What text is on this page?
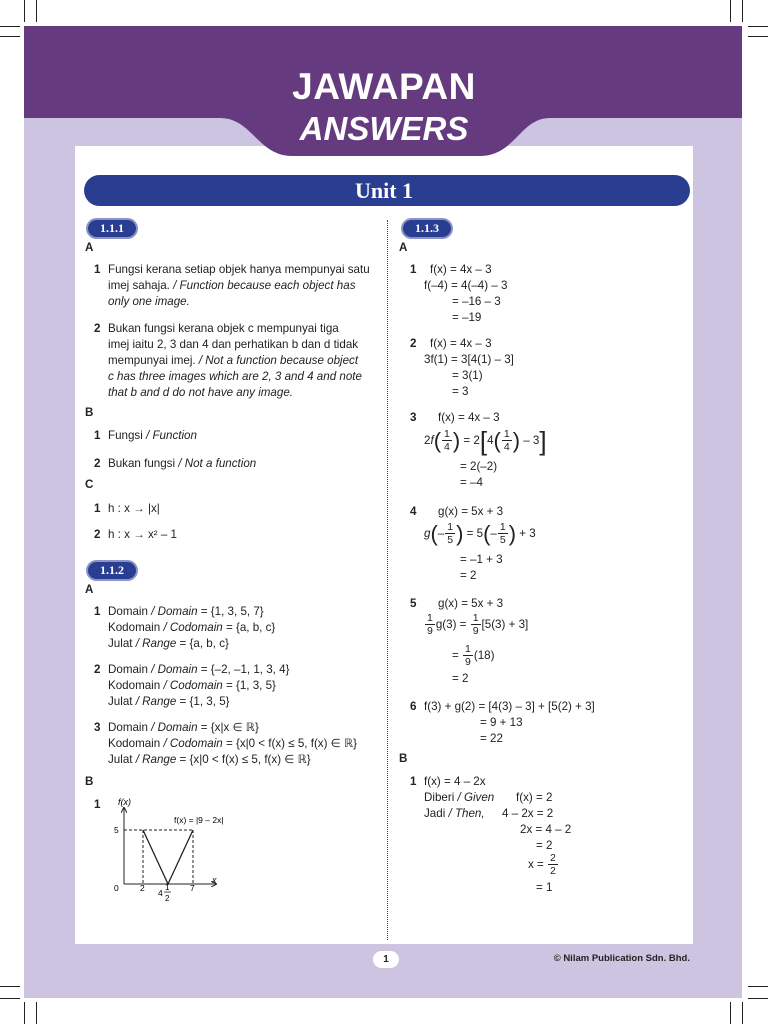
JAWAPAN
ANSWERS
Unit 1
1.1.1
A
1 Fungsi kerana setiap objek hanya mempunyai satu
imej sahaja. / Function because each object has
only one image.
2 Bukan fungsi kerana objek c mempunyai tiga
imej iaitu 2, 3 dan 4 dan perhatikan b dan d tidak
mempunyai imej. / Not a function because object
c has three images which are 2, 3 and 4 and note
that b and d do not have any image.
B
1 Fungsi / Function
2 Bukan fungsi / Not a function
C
1 h : x → |x|
2 h : x → x² – 1
1.1.2
A
1 Domain / Domain = {1, 3, 5, 7}
Kodomain / Codomain = {a, b, c}
Julat / Range = {a, b, c}
2 Domain / Domain = {–2, –1, 1, 3, 4}
Kodomain / Codomain = {1, 3, 5}
Julat / Range = {1, 3, 5}
3 Domain / Domain = {x|x ∈ ℝ}
Kodomain / Codomain = {x|0 < f(x) ≤ 5, f(x) ∈ ℝ}
Julat / Range = {x|0 < f(x) ≤ 5, f(x) ∈ ℝ}
B
1 f(x)
x
f(x) = |9 – 2x|
5
0	2	7
4
1
2
1.1.3
A
1 f(x) = 4x – 3
f(–4) = 4(–4) – 3
= –16 – 3
= –19
2 f(x) = 4x – 3
3f(1) = 3[4(1) – 3]
= 3(1)
= 3
3 f(x) = 4x – 3
$2f( \frac{1}{4}$ ) = $2[4( \frac{1}{4}$ ) – 3]
= 2(–2)
= –4
4 g(x) = 5x + 3
$g(- \frac{1}{5}$ ) = $5(- \frac{1}{5}$ ) + 3
= –1 + 3
= 2
5 g(x) = 5x + 3
$\frac{1}{9} g(3) = \frac{1}{9} [5(3) + 3]$
= $\frac{1}{9} (18)$
= 2
6 f(3) + g(2) = [4(3) – 3] + [5(2) + 3]
= 9 + 13
= 22
B
1 f(x) = 4 – 2x
Diberi / Given f(x) = 2
Jadi / Then, 4 – 2x = 2
2x = 4 – 2
= 2
$x = \frac{2}{2}$
= 1
1	© Nilam Publication Sdn. Bhd.
